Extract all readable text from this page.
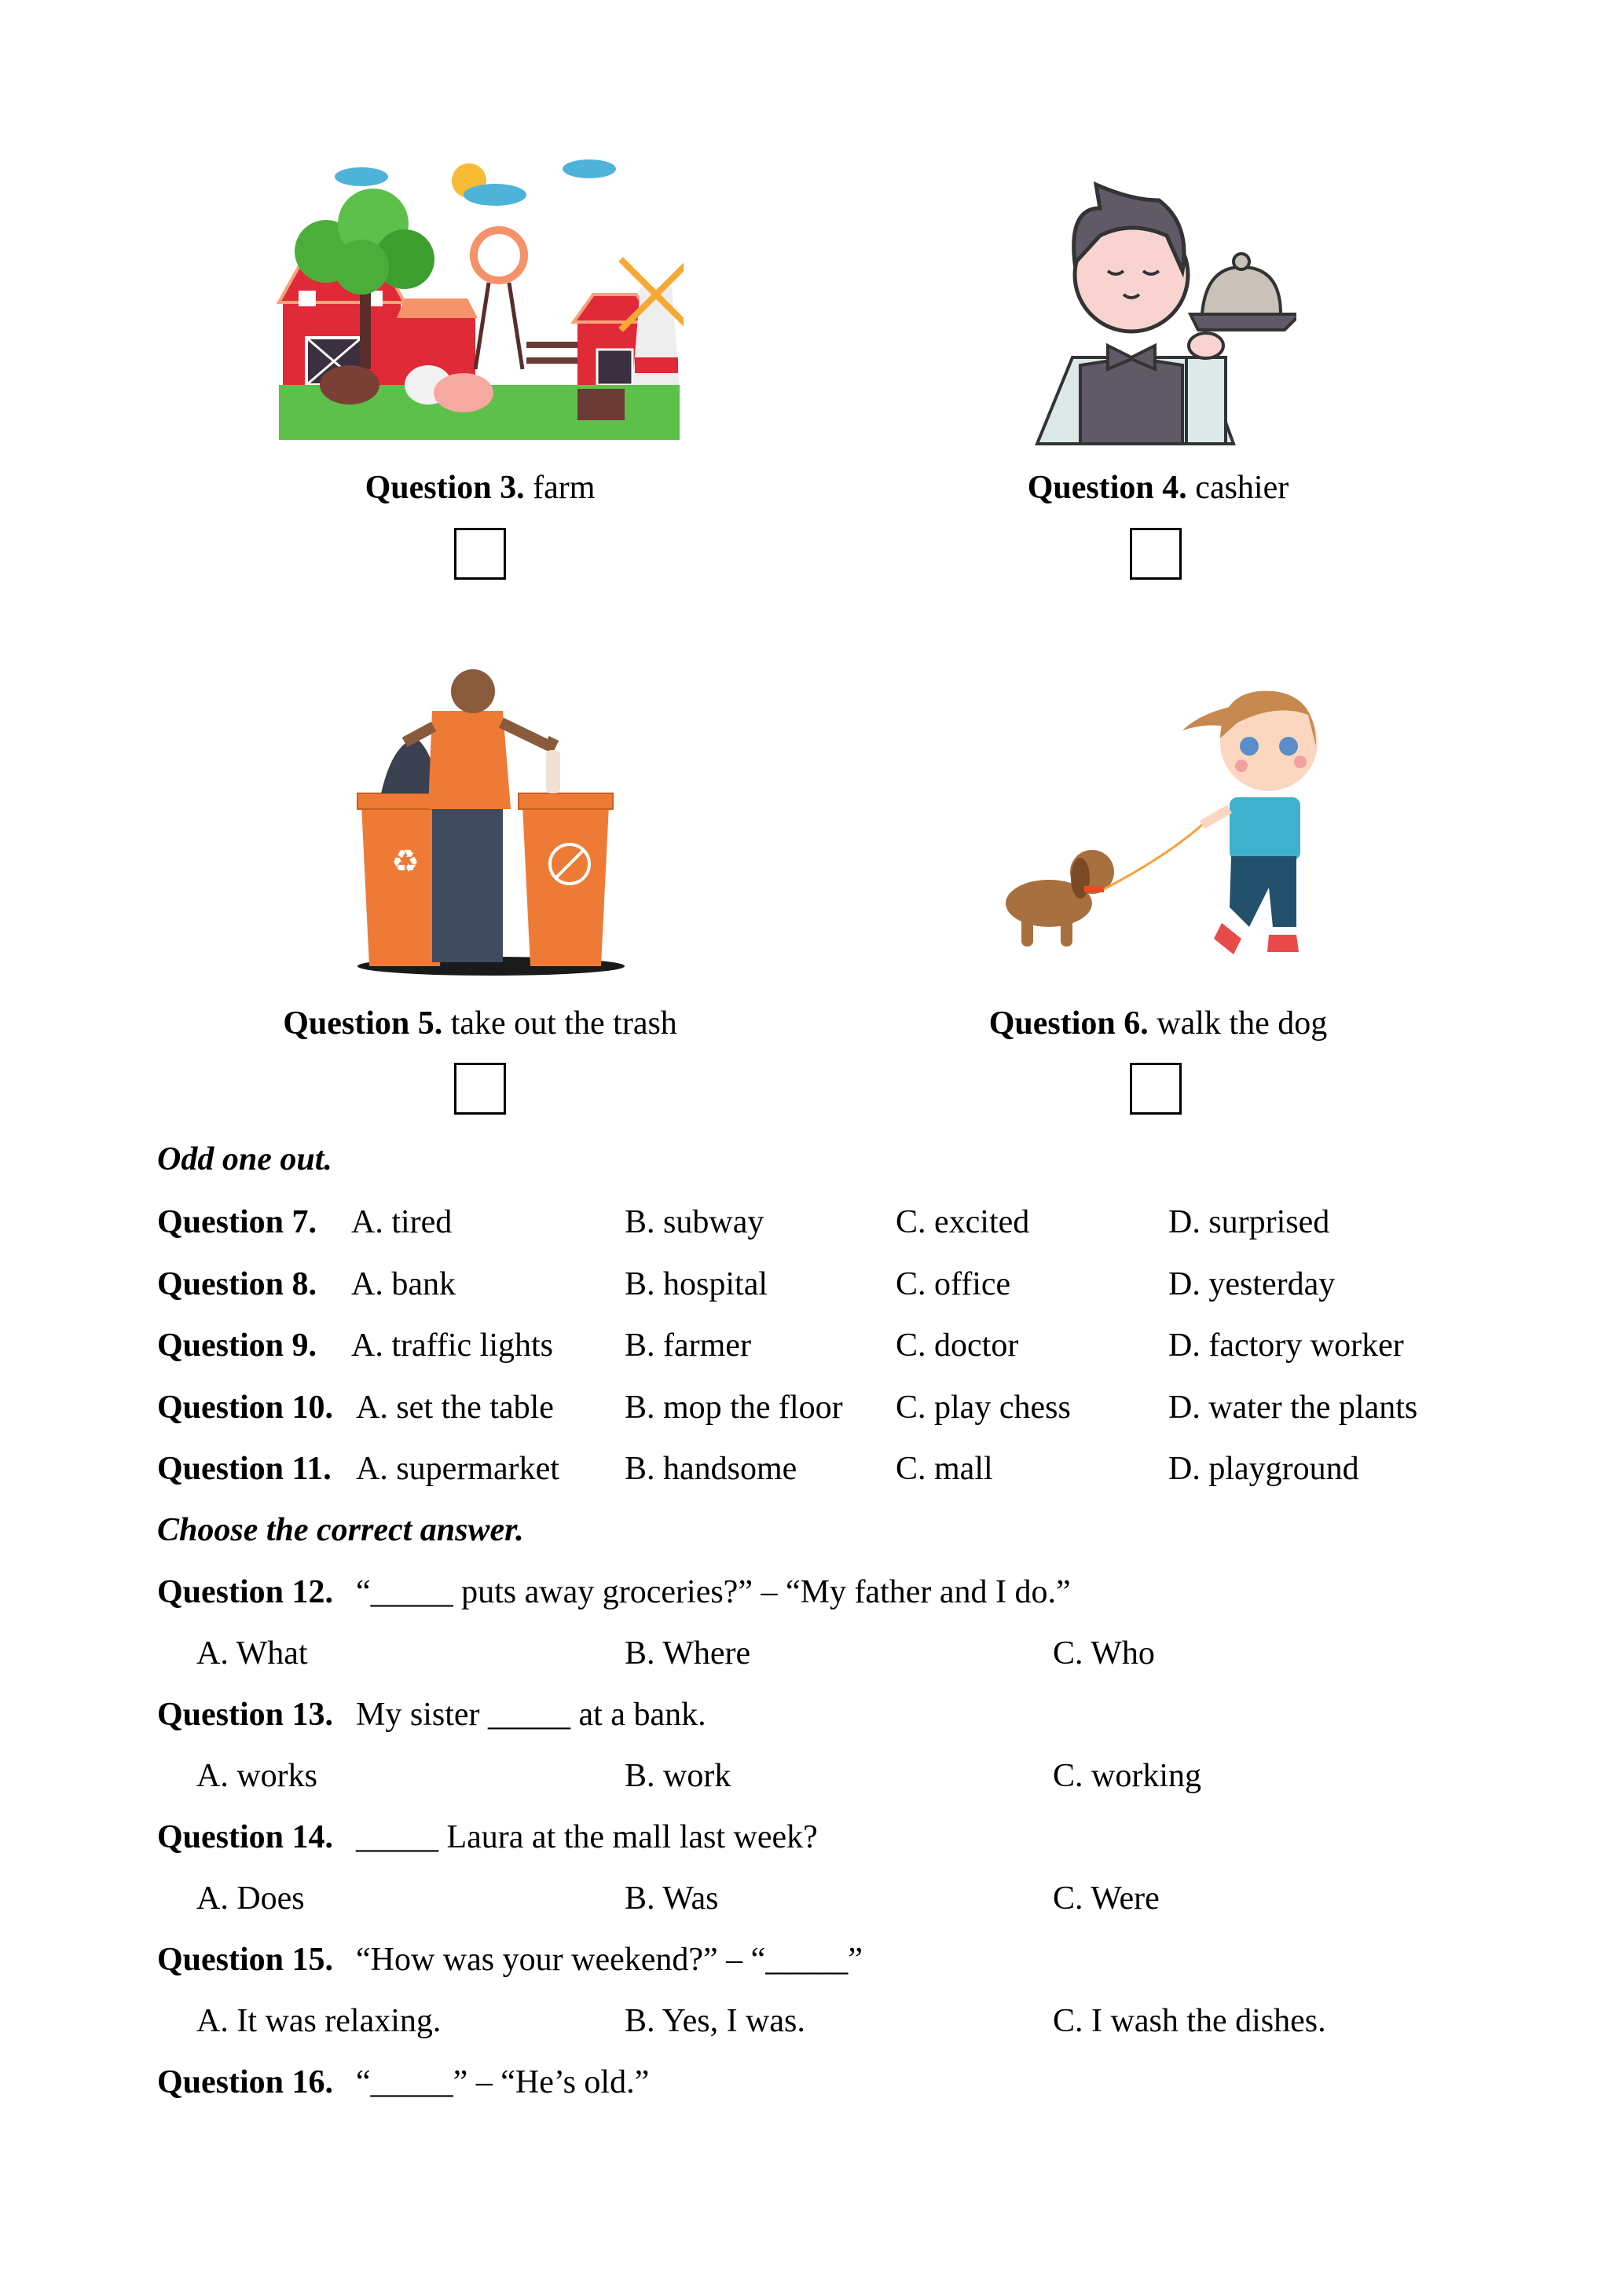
Question 3. farm	Question 4. cashier
♻
Question 5. take out the trash	Question 6. walk the dog
Odd one out.
Question 7. A. tired	B. subway	C. excited	D. surprised
Question 8. A. bank	B. hospital	C. office	D. yesterday
Question 9. A. traffic lights B. farmer	C. doctor	D. factory worker
Question 10. A. set the table B. mop the floor C. play chess	D. water the plants
Question 11. A. supermarket B. handsome	C. mall	D. playground
Choose the correct answer.
Question 12. “_____ puts away groceries?” – “My father and I do.”
A. What	B. Where	C. Who
Question 13. My sister _____ at a bank.
A. works	B. work	C. working
Question 14. _____ Laura at the mall last week?
A. Does	B. Was	C. Were
Question 15. “How was your weekend?” – “_____”
A. It was relaxing.	B. Yes, I was.	C. I wash the dishes.
Question 16. “_____” – “He’s old.”
